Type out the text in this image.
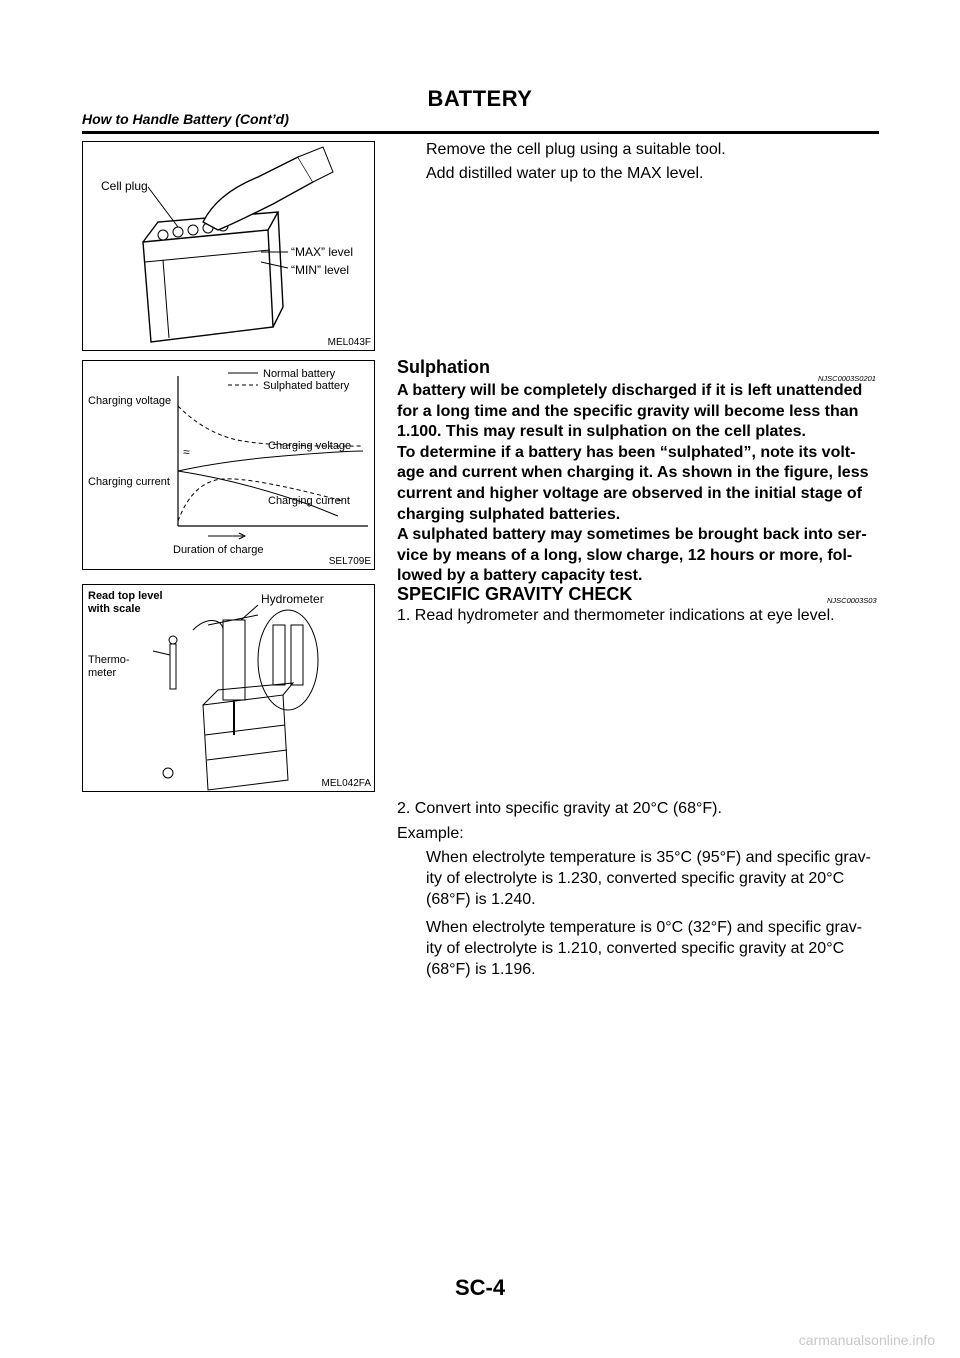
BATTERY
How to Handle Battery (Cont’d)
Cell plug
“MAX” level
“MIN” level
MEL043F
≈
Normal battery
Sulphated battery
Charging voltage
Charging current
Charging voltage
Charging current
Duration of charge
SEL709E
Read top level
with scale
Hydrometer
Thermo-
meter
MEL042FA
Remove the cell plug using a suitable tool.
Add distilled water up to the MAX level.
Sulphation
NJSC0003S0201
A battery will be completely discharged if it is left unattended
for a long time and the specific gravity will become less than
1.100. This may result in sulphation on the cell plates.
To determine if a battery has been “sulphated”, note its volt-
age and current when charging it. As shown in the figure, less
current and higher voltage are observed in the initial stage of
charging sulphated batteries.
A sulphated battery may sometimes be brought back into ser-
vice by means of a long, slow charge, 12 hours or more, fol-
lowed by a battery capacity test.
SPECIFIC GRAVITY CHECK	NJSC0003S03
1. Read hydrometer and thermometer indications at eye level.
2. Convert into specific gravity at 20°C (68°F).
Example:
When electrolyte temperature is 35°C (95°F) and specific grav-
ity of electrolyte is 1.230, converted specific gravity at 20°C
(68°F) is 1.240.
When electrolyte temperature is 0°C (32°F) and specific grav-
ity of electrolyte is 1.210, converted specific gravity at 20°C
(68°F) is 1.196.
SC-4
carmanualsonline.info
